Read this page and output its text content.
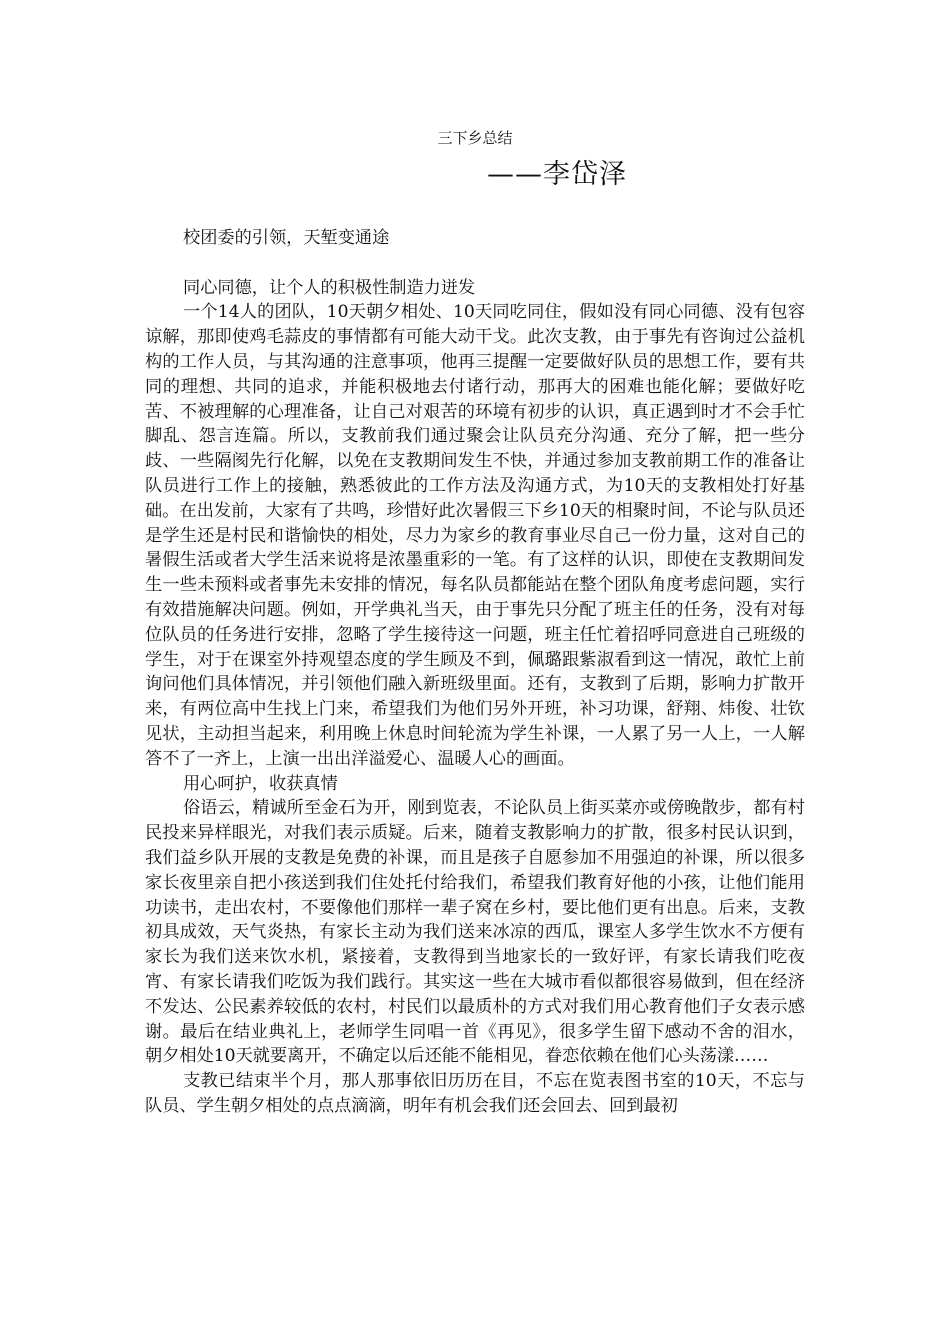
三下乡总结
——李岱泽

校团委的引领，天堑变通途

同心同德，让个人的积极性制造力迸发

一个14人的团队，10天朝夕相处、10天同吃同住，假如没有同心同德、没有包容谅解，那即使鸡毛蒜皮的事情都有可能大动干戈。此次支教，由于事先有咨询过公益机构的工作人员，与其沟通的注意事项，他再三提醒一定要做好队员的思想工作，要有共同的理想、共同的追求，并能积极地去付诸行动，那再大的困难也能化解；要做好吃苦、不被理解的心理准备，让自己对艰苦的环境有初步的认识，真正遇到时才不会手忙脚乱、怨言连篇。所以，支教前我们通过聚会让队员充分沟通、充分了解，把一些分歧、一些隔阂先行化解，以免在支教期间发生不快，并通过参加支教前期工作的准备让队员进行工作上的接触，熟悉彼此的工作方法及沟通方式，为10天的支教相处打好基础。在出发前，大家有了共鸣，珍惜好此次暑假三下乡10天的相聚时间，不论与队员还是学生还是村民和谐愉快的相处，尽力为家乡的教育事业尽自己一份力量，这对自己的暑假生活或者大学生活来说将是浓墨重彩的一笔。有了这样的认识，即使在支教期间发生一些未预料或者事先未安排的情况，每名队员都能站在整个团队角度考虑问题，实行有效措施解决问题。例如，开学典礼当天，由于事先只分配了班主任的任务，没有对每位队员的任务进行安排，忽略了学生接待这一问题，班主任忙着招呼同意进自己班级的学生，对于在课室外持观望态度的学生顾及不到，佩璐跟紫淑看到这一情况，敢忙上前询问他们具体情况，并引领他们融入新班级里面。还有，支教到了后期，影响力扩散开来，有两位高中生找上门来，希望我们为他们另外开班，补习功课，舒翔、炜俊、壮钦见状，主动担当起来，利用晚上休息时间轮流为学生补课，一人累了另一人上，一人解答不了一齐上，上演一出出洋溢爱心、温暖人心的画面。

用心呵护，收获真情

俗语云，精诚所至金石为开，刚到览表，不论队员上街买菜亦或傍晚散步，都有村民投来异样眼光，对我们表示质疑。后来，随着支教影响力的扩散，很多村民认识到，我们益乡队开展的支教是免费的补课，而且是孩子自愿参加不用强迫的补课，所以很多家长夜里亲自把小孩送到我们住处托付给我们，希望我们教育好他的小孩，让他们能用功读书，走出农村，不要像他们那样一辈子窝在乡村，要比他们更有出息。后来，支教初具成效，天气炎热，有家长主动为我们送来冰凉的西瓜，课室人多学生饮水不方便有家长为我们送来饮水机，紧接着，支教得到当地家长的一致好评，有家长请我们吃夜宵、有家长请我们吃饭为我们践行。其实这一些在大城市看似都很容易做到，但在经济不发达、公民素养较低的农村，村民们以最质朴的方式对我们用心教育他们子女表示感谢。最后在结业典礼上，老师学生同唱一首《再见》，很多学生留下感动不舍的泪水，朝夕相处10天就要离开，不确定以后还能不能相见，眷恋依赖在他们心头荡漾……

支教已结束半个月，那人那事依旧历历在目，不忘在览表图书室的10天，不忘与队员、学生朝夕相处的点点滴滴，明年有机会我们还会回去、回到最初
